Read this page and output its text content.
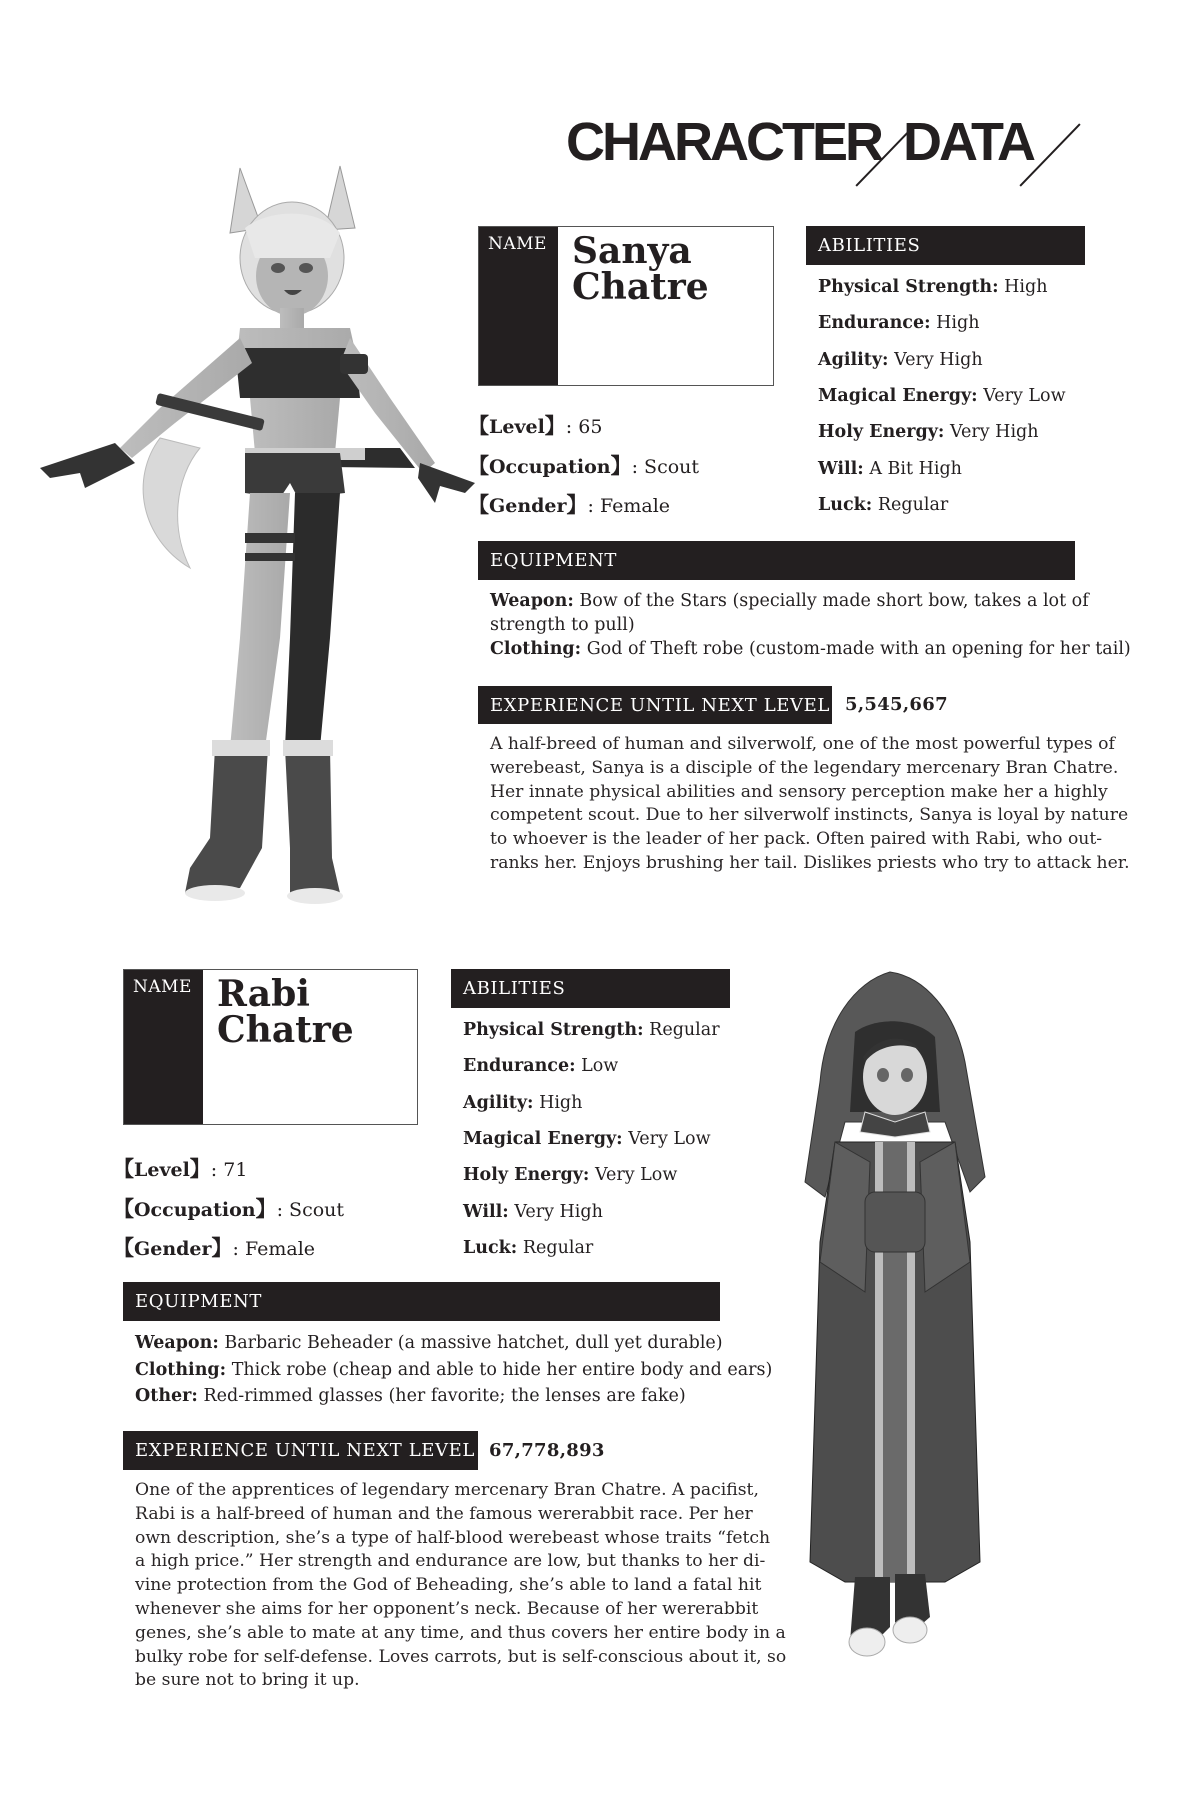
CHARACTER DATA
NAME Sanya
Chatre
【Level】: 65
【Occupation】: Scout
【Gender】: Female
ABILITIES
Physical Strength: High
Endurance: High
Agility: Very High
Magical Energy: Very Low
Holy Energy: Very High
Will: A Bit High
Luck: Regular
EQUIPMENT
Weapon: Bow of the Stars (specially made short bow, takes a lot of
strength to pull)
Clothing: God of Theft robe (custom-made with an opening for her tail)
EXPERIENCE UNTIL NEXT LEVEL 5,545,667
A half-breed of human and silverwolf, one of the most powerful types of
werebeast, Sanya is a disciple of the legendary mercenary Bran Chatre.
Her innate physical abilities and sensory perception make her a highly
competent scout. Due to her silverwolf instincts, Sanya is loyal by nature
to whoever is the leader of her pack. Often paired with Rabi, who out-
ranks her. Enjoys brushing her tail. Dislikes priests who try to attack her.
NAME Rabi
Chatre
【Level】: 71
【Occupation】: Scout
【Gender】: Female
ABILITIES
Physical Strength: Regular
Endurance: Low
Agility: High
Magical Energy: Very Low
Holy Energy: Very Low
Will: Very High
Luck: Regular
EQUIPMENT
Weapon: Barbaric Beheader (a massive hatchet, dull yet durable)
Clothing: Thick robe (cheap and able to hide her entire body and ears)
Other: Red-rimmed glasses (her favorite; the lenses are fake)
EXPERIENCE UNTIL NEXT LEVEL 67,778,893
One of the apprentices of legendary mercenary Bran Chatre. A pacifist,
Rabi is a half-breed of human and the famous wererabbit race. Per her
own description, she’s a type of half-blood werebeast whose traits “fetch
a high price.” Her strength and endurance are low, but thanks to her di-
vine protection from the God of Beheading, she’s able to land a fatal hit
whenever she aims for her opponent’s neck. Because of her wererabbit
genes, she’s able to mate at any time, and thus covers her entire body in a
bulky robe for self-defense. Loves carrots, but is self-conscious about it, so
be sure not to bring it up.
